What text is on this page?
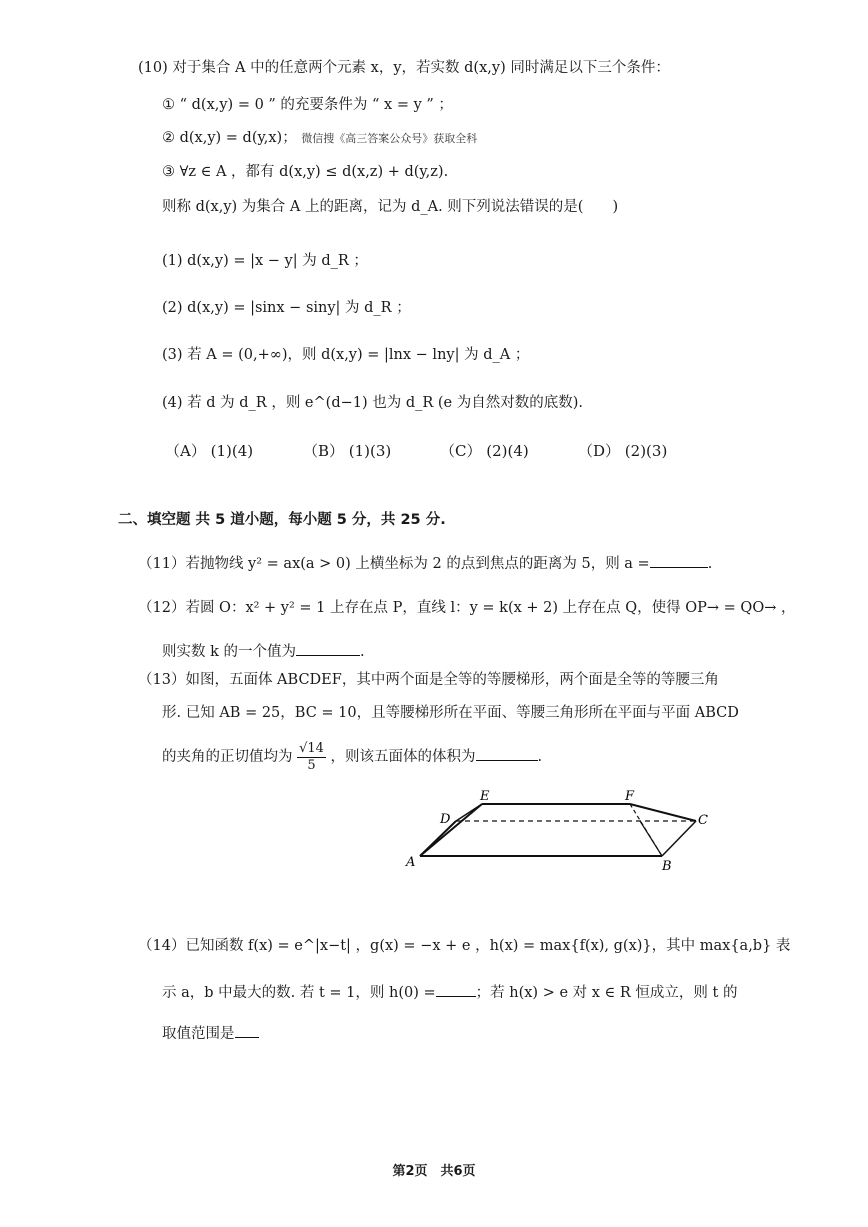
(10) 对于集合 A 中的任意两个元素 x，y，若实数 d(x,y) 同时满足以下三个条件：
① “ d(x,y) = 0 ” 的充要条件为 “ x = y ” ；
② d(x,y) = d(y,x)； 微信搜《高三答案公众号》获取全科
③ ∀z ∈ A ，都有 d(x,y) ≤ d(x,z) + d(y,z).
则称 d(x,y) 为集合 A 上的距离，记为 d_A. 则下列说法错误的是(　　)
(1) d(x,y) = |x − y| 为 d_R ；
(2) d(x,y) = |sinx − siny| 为 d_R ；
(3) 若 A = (0,+∞)，则 d(x,y) = |lnx − lny| 为 d_A ；
(4) 若 d 为 d_R ，则 e^(d−1) 也为 d_R (e 为自然对数的底数).
（A） (1)(4)	（B） (1)(3)	（C） (2)(4)	（D） (2)(3)
二、填空题 共 5 道小题，每小题 5 分，共 25 分.
（11）若抛物线 y² = ax(a > 0) 上横坐标为 2 的点到焦点的距离为 5，则 a =	.
（12）若圆 O：x² + y² = 1 上存在点 P，直线 l：y = k(x + 2) 上存在点 Q，使得 OP→ = QO→ ，
则实数 k 的一个值为	.
（13）如图，五面体 ABCDEF，其中两个面是全等的等腰梯形，两个面是全等的等腰三角
形. 已知 AB = 25，BC = 10，且等腰梯形所在平面、等腰三角形所在平面与平面 ABCD
的夹角的正切值均为 $\frac{√14}{5}$ ，则该五面体的体积为	.
A	B
C
D
E	F
（14）已知函数 f(x) = e^|x−t| ，g(x) = −x + e ，h(x) = max{f(x), g(x)}，其中 max{a,b} 表
示 a，b 中最大的数. 若 t = 1，则 h(0) =	；若 h(x) > e 对 x ∈ R 恒成立，则 t 的
取值范围是
第2页　共6页
